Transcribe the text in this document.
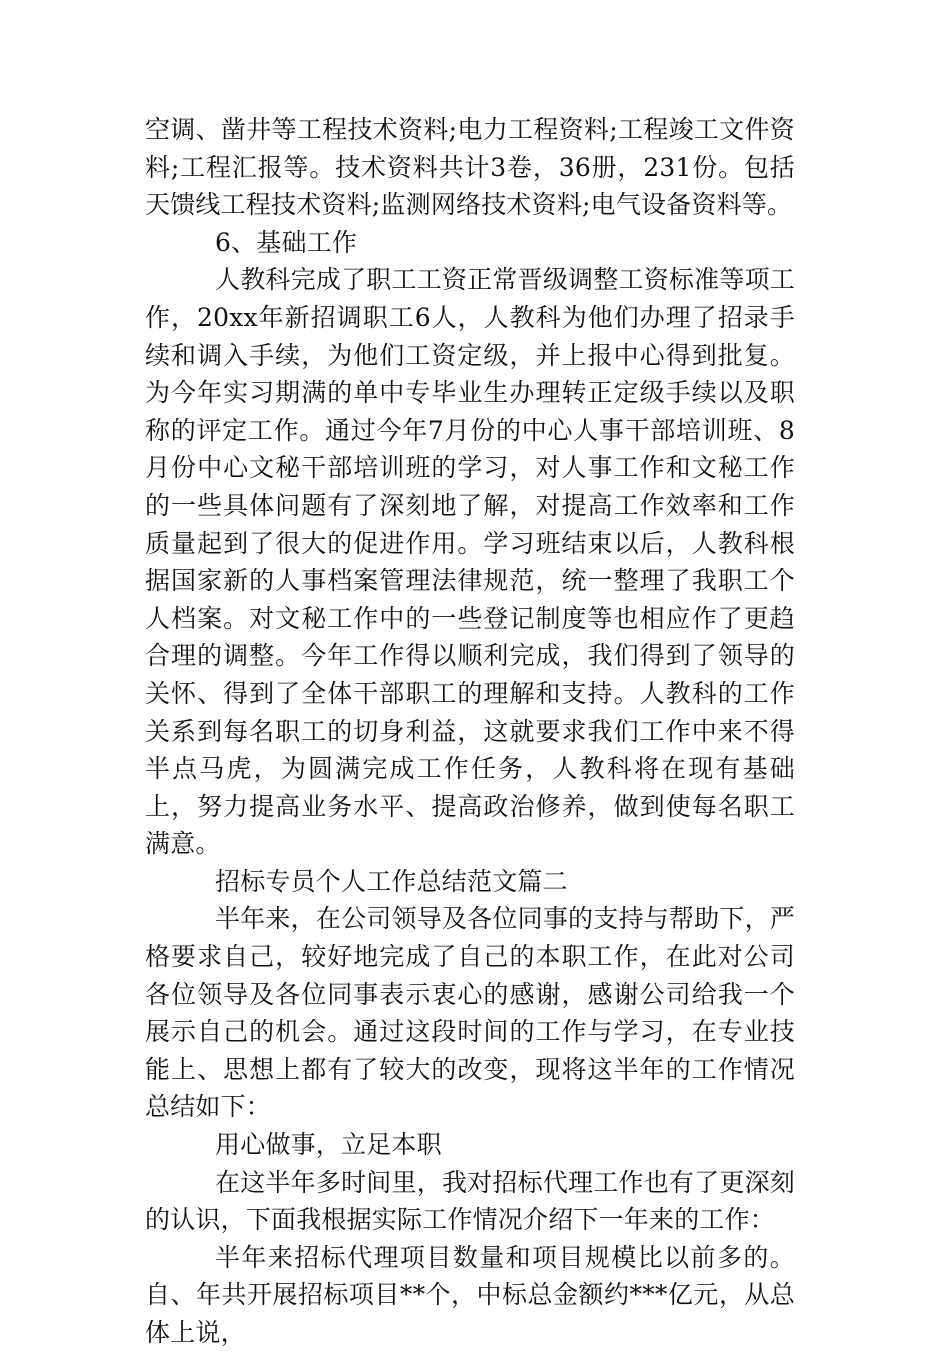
空调、凿井等工程技术资料;电力工程资料;工程竣工文件资料;工程汇报等。技术资料共计3卷，36册，231份。包括天馈线工程技术资料;监测网络技术资料;电气设备资料等。

6、基础工作

人教科完成了职工工资正常晋级调整工资标准等项工作，20xx年新招调职工6人，人教科为他们办理了招录手续和调入手续，为他们工资定级，并上报中心得到批复。为今年实习期满的单中专毕业生办理转正定级手续以及职称的评定工作。通过今年7月份的中心人事干部培训班、8月份中心文秘干部培训班的学习，对人事工作和文秘工作的一些具体问题有了深刻地了解，对提高工作效率和工作质量起到了很大的促进作用。学习班结束以后，人教科根据国家新的人事档案管理法律规范，统一整理了我职工个人档案。对文秘工作中的一些登记制度等也相应作了更趋合理的调整。今年工作得以顺利完成，我们得到了领导的关怀、得到了全体干部职工的理解和支持。人教科的工作关系到每名职工的切身利益，这就要求我们工作中来不得半点马虎，为圆满完成工作任务，人教科将在现有基础上，努力提高业务水平、提高政治修养，做到使每名职工满意。

招标专员个人工作总结范文篇二

半年来，在公司领导及各位同事的支持与帮助下，严格要求自己，较好地完成了自己的本职工作，在此对公司各位领导及各位同事表示衷心的感谢，感谢公司给我一个展示自己的机会。通过这段时间的工作与学习，在专业技能上、思想上都有了较大的改变，现将这半年的工作情况总结如下：

用心做事，立足本职

在这半年多时间里，我对招标代理工作也有了更深刻的认识，下面我根据实际工作情况介绍下一年来的工作：

半年来招标代理项目数量和项目规模比以前多的。自、年共开展招标项目**个，中标总金额约***亿元，从总体上说，
